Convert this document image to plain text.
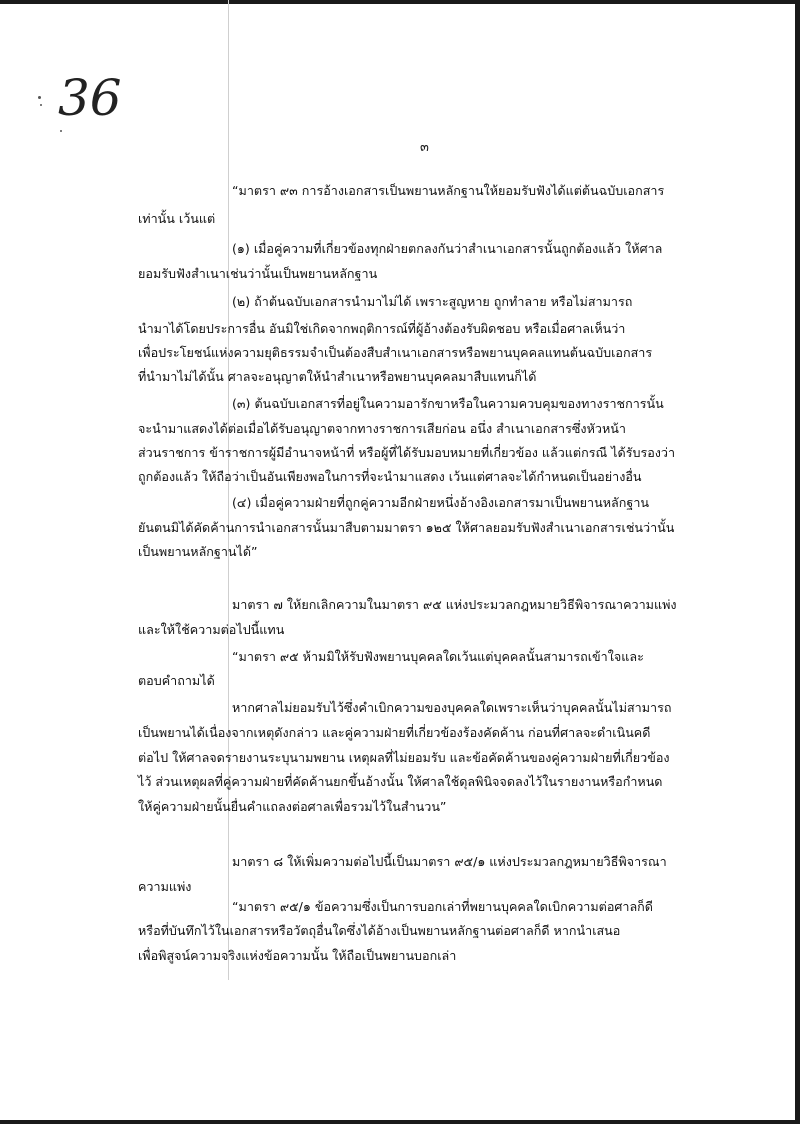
36
๓
“มาตรา ๙๓ การอ้างเอกสารเป็นพยานหลักฐานให้ยอมรับฟังได้แต่ต้นฉบับเอกสาร
เท่านั้น เว้นแต่
(๑) เมื่อคู่ความที่เกี่ยวข้องทุกฝ่ายตกลงกันว่าสำเนาเอกสารนั้นถูกต้องแล้ว ให้ศาล
ยอมรับฟังสำเนาเช่นว่านั้นเป็นพยานหลักฐาน
(๒) ถ้าต้นฉบับเอกสารนำมาไม่ได้ เพราะสูญหาย ถูกทำลาย หรือไม่สามารถ
นำมาได้โดยประการอื่น อันมิใช่เกิดจากพฤติการณ์ที่ผู้อ้างต้องรับผิดชอบ หรือเมื่อศาลเห็นว่า
เพื่อประโยชน์แห่งความยุติธรรมจำเป็นต้องสืบสำเนาเอกสารหรือพยานบุคคลแทนต้นฉบับเอกสาร
ที่นำมาไม่ได้นั้น ศาลจะอนุญาตให้นำสำเนาหรือพยานบุคคลมาสืบแทนก็ได้
(๓) ต้นฉบับเอกสารที่อยู่ในความอารักขาหรือในความควบคุมของทางราชการนั้น
จะนำมาแสดงได้ต่อเมื่อได้รับอนุญาตจากทางราชการเสียก่อน อนึ่ง สำเนาเอกสารซึ่งหัวหน้า
ส่วนราชการ ข้าราชการผู้มีอำนาจหน้าที่ หรือผู้ที่ได้รับมอบหมายที่เกี่ยวข้อง แล้วแต่กรณี ได้รับรองว่า
ถูกต้องแล้ว ให้ถือว่าเป็นอันเพียงพอในการที่จะนำมาแสดง เว้นแต่ศาลจะได้กำหนดเป็นอย่างอื่น
(๔) เมื่อคู่ความฝ่ายที่ถูกคู่ความอีกฝ่ายหนึ่งอ้างอิงเอกสารมาเป็นพยานหลักฐาน
ยันตนมิได้คัดค้านการนำเอกสารนั้นมาสืบตามมาตรา ๑๒๕ ให้ศาลยอมรับฟังสำเนาเอกสารเช่นว่านั้น
เป็นพยานหลักฐานได้”
มาตรา ๗ ให้ยกเลิกความในมาตรา ๙๕ แห่งประมวลกฎหมายวิธีพิจารณาความแพ่ง
และให้ใช้ความต่อไปนี้แทน
“มาตรา ๙๕ ห้ามมิให้รับฟังพยานบุคคลใดเว้นแต่บุคคลนั้นสามารถเข้าใจและ
ตอบคำถามได้
หากศาลไม่ยอมรับไว้ซึ่งคำเบิกความของบุคคลใดเพราะเห็นว่าบุคคลนั้นไม่สามารถ
เป็นพยานได้เนื่องจากเหตุดังกล่าว และคู่ความฝ่ายที่เกี่ยวข้องร้องคัดค้าน ก่อนที่ศาลจะดำเนินคดี
ต่อไป ให้ศาลจดรายงานระบุนามพยาน เหตุผลที่ไม่ยอมรับ และข้อคัดค้านของคู่ความฝ่ายที่เกี่ยวข้อง
ไว้ ส่วนเหตุผลที่คู่ความฝ่ายที่คัดค้านยกขึ้นอ้างนั้น ให้ศาลใช้ดุลพินิจจดลงไว้ในรายงานหรือกำหนด
ให้คู่ความฝ่ายนั้นยื่นคำแถลงต่อศาลเพื่อรวมไว้ในสำนวน”
มาตรา ๘ ให้เพิ่มความต่อไปนี้เป็นมาตรา ๙๕/๑ แห่งประมวลกฎหมายวิธีพิจารณา
ความแพ่ง
“มาตรา ๙๕/๑ ข้อความซึ่งเป็นการบอกเล่าที่พยานบุคคลใดเบิกความต่อศาลก็ดี
หรือที่บันทึกไว้ในเอกสารหรือวัตถุอื่นใดซึ่งได้อ้างเป็นพยานหลักฐานต่อศาลก็ดี หากนำเสนอ
เพื่อพิสูจน์ความจริงแห่งข้อความนั้น ให้ถือเป็นพยานบอกเล่า
